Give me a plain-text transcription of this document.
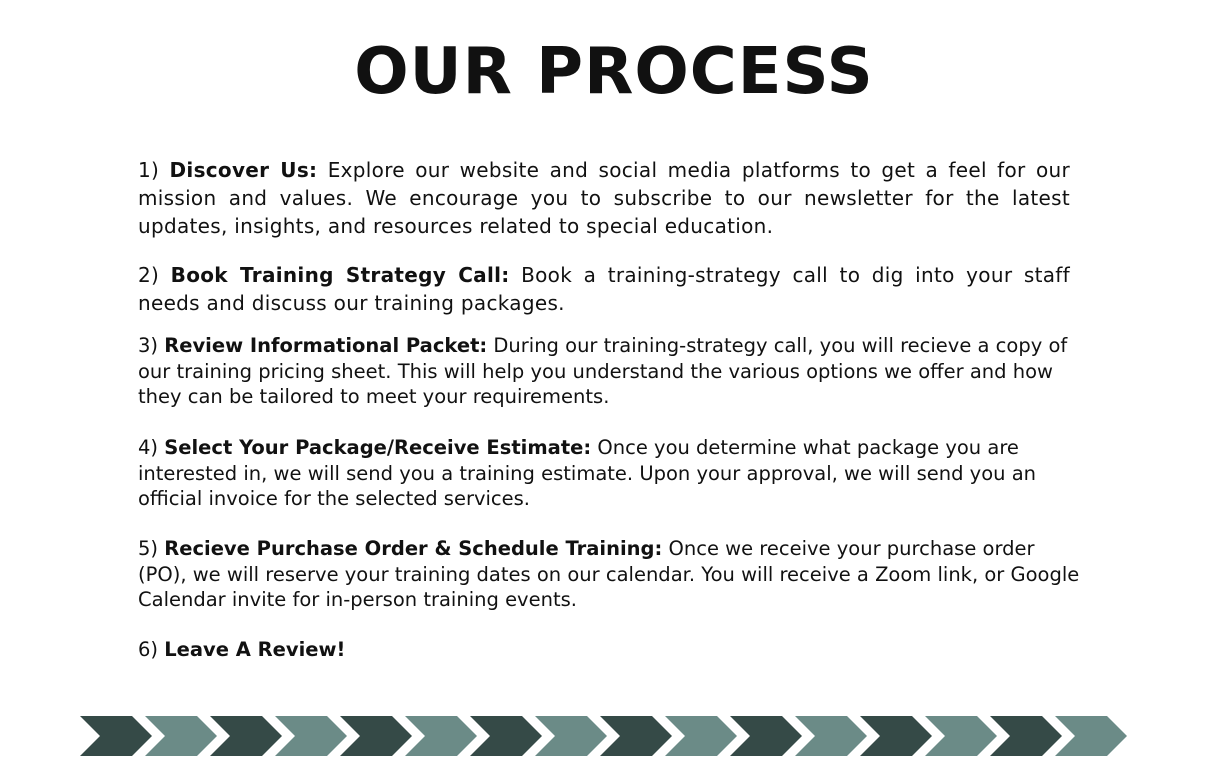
OUR PROCESS

1) Discover Us: Explore our website and social media platforms to get a feel for our mission and values. We encourage you to subscribe to our newsletter for the latest updates, insights, and resources related to special education.

2) Book Training Strategy Call: Book a training-strategy call to dig into your staff needs and discuss our training packages.

3) Review Informational Packet: During our training-strategy call, you will recieve a copy of our training pricing sheet. This will help you understand the various options we offer and how they can be tailored to meet your requirements.

4) Select Your Package/Receive Estimate: Once you determine what package you are interested in, we will send you a training estimate. Upon your approval, we will send you an official invoice for the selected services.

5) Recieve Purchase Order & Schedule Training: Once we receive your purchase order (PO), we will reserve your training dates on our calendar. You will receive a Zoom link, or Google Calendar invite for in-person training events.

6) Leave A Review!
